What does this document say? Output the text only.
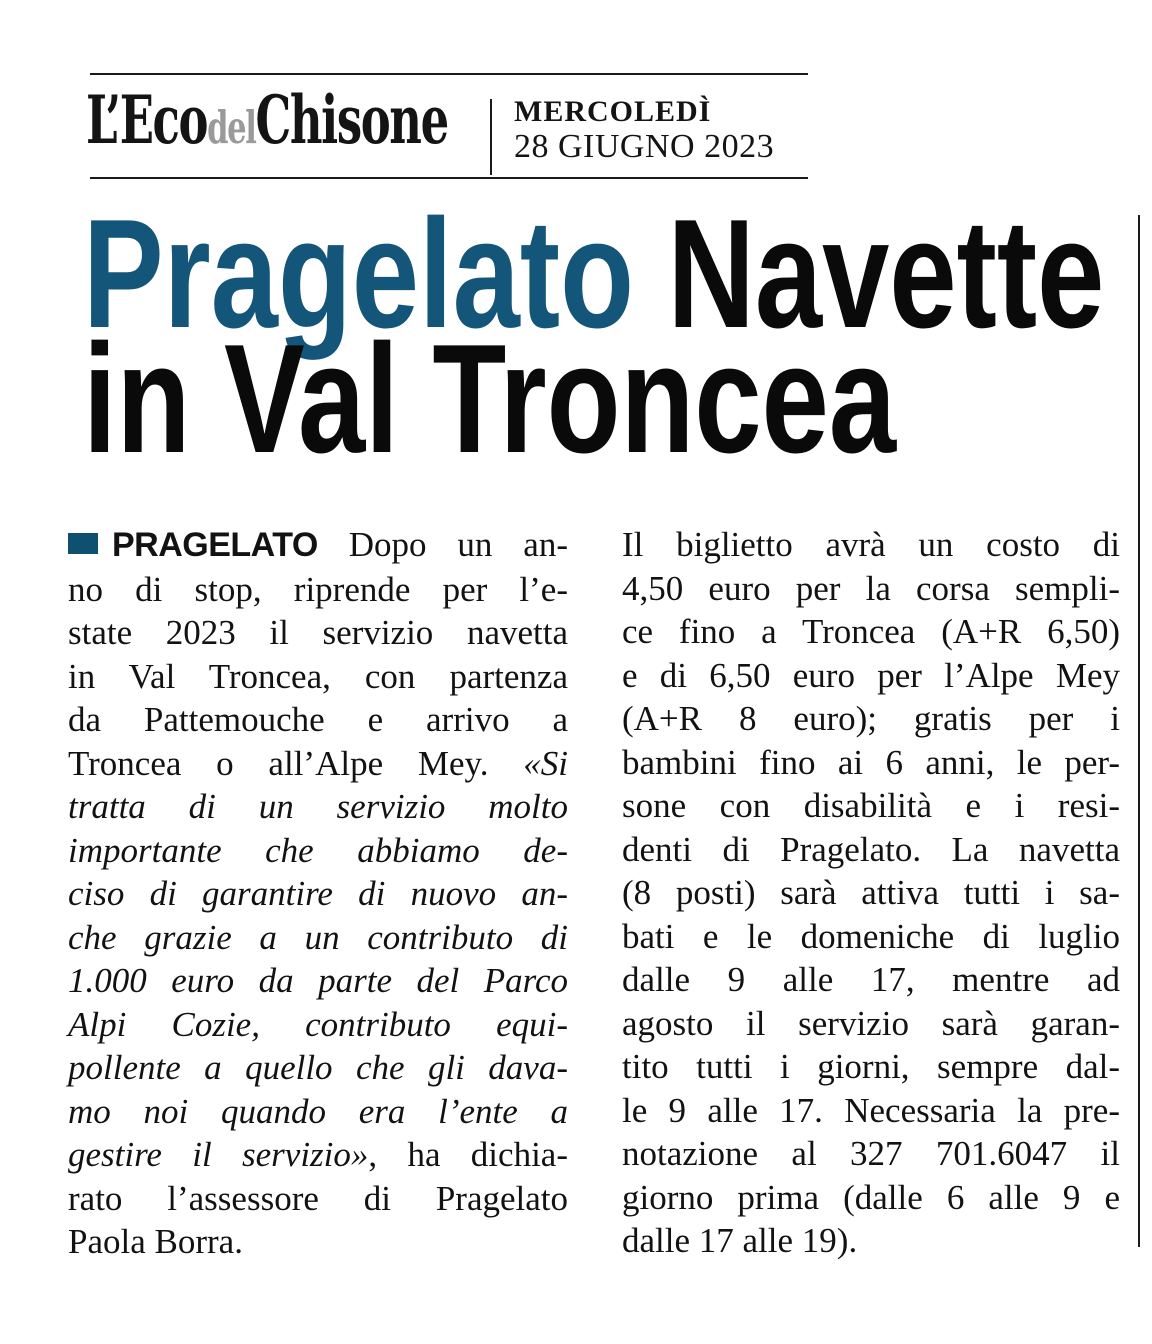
L’EcodelChisone MERCOLEDÌ
28 GIUGNO 2023
Pragelato Navette
in Val Troncea
PRAGELATO Dopo un an-
no di stop, riprende per l’e-
state 2023 il servizio navetta
in Val Troncea, con partenza
da Pattemouche e arrivo a
Troncea o all’Alpe Mey. «Si
tratta di un servizio molto
importante che abbiamo de-
ciso di garantire di nuovo an-
che grazie a un contributo di
1.000 euro da parte del Parco
Alpi Cozie, contributo equi-
pollente a quello che gli dava-
mo noi quando era l’ente a
gestire il servizio», ha dichia-
rato l’assessore di Pragelato
Paola Borra.
Il biglietto avrà un costo di
4,50 euro per la corsa sempli-
ce fino a Troncea (A+R 6,50)
e di 6,50 euro per l’Alpe Mey
(A+R 8 euro); gratis per i
bambini fino ai 6 anni, le per-
sone con disabilità e i resi-
denti di Pragelato. La navetta
(8 posti) sarà attiva tutti i sa-
bati e le domeniche di luglio
dalle 9 alle 17, mentre ad
agosto il servizio sarà garan-
tito tutti i giorni, sempre dal-
le 9 alle 17. Necessaria la pre-
notazione al 327 701.6047 il
giorno prima (dalle 6 alle 9 e
dalle 17 alle 19).
